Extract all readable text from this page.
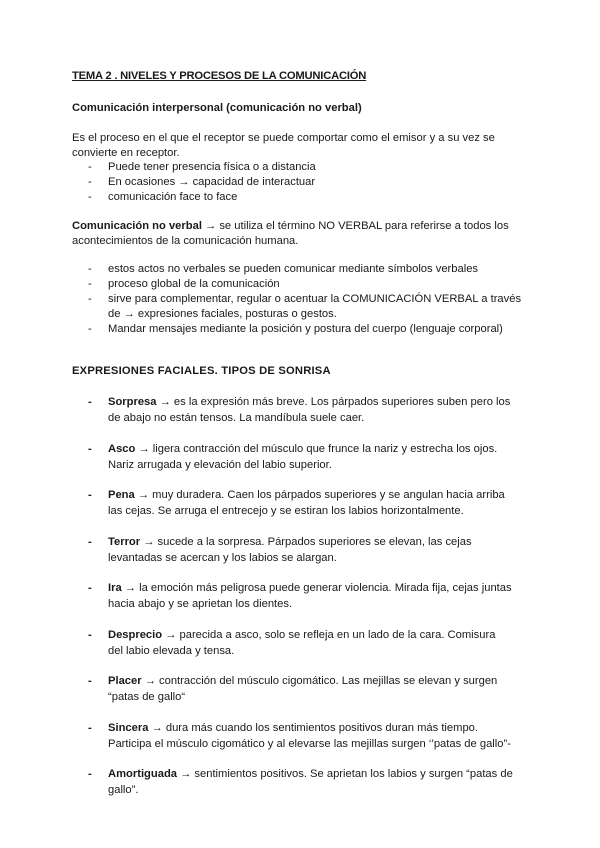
TEMA 2 . NIVELES Y PROCESOS DE LA COMUNICACIÓN
Comunicación interpersonal (comunicación no verbal)
Es el proceso en el que el receptor se puede comportar como el emisor y a su vez se convierte en receptor.
- Puede tener presencia física o a distancia
- En ocasiones → capacidad de interactuar
- comunicación face to face
Comunicación no verbal → se utiliza el término NO VERBAL para referirse a todos los acontecimientos de la comunicación humana.
- estos actos no verbales se pueden comunicar mediante símbolos verbales
- proceso global de la comunicación
- sirve para complementar, regular o acentuar la COMUNICACIÓN VERBAL a través de → expresiones faciales, posturas o gestos.
- Mandar mensajes mediante la posición y postura del cuerpo (lenguaje corporal)
EXPRESIONES FACIALES. TIPOS DE SONRISA
- Sorpresa → es la expresión más breve. Los párpados superiores suben pero los de abajo no están tensos. La mandíbula suele caer.
- Asco → ligera contracción del músculo que frunce la nariz y estrecha los ojos. Nariz arrugada y elevación del labio superior.
- Pena → muy duradera. Caen los párpados superiores y se angulan hacia arriba las cejas. Se arruga el entrecejo y se estiran los labios horizontalmente.
- Terror → sucede a la sorpresa. Párpados superiores se elevan, las cejas levantadas se acercan y los labios se alargan.
- Ira → la emoción más peligrosa puede generar violencia. Mirada fija, cejas juntas hacia abajo y se aprietan los dientes.
- Desprecio → parecida a asco, solo se refleja en un lado de la cara. Comisura del labio elevada y tensa.
- Placer → contracción del músculo cigomático. Las mejillas se elevan y surgen “patas de gallo“
- Sincera → dura más cuando los sentimientos positivos duran más tiempo. Participa el músculo cigomático y al elevarse las mejillas surgen ‘’patas de gallo”-
- Amortiguada → sentimientos positivos. Se aprietan los labios y surgen “patas de gallo”.
